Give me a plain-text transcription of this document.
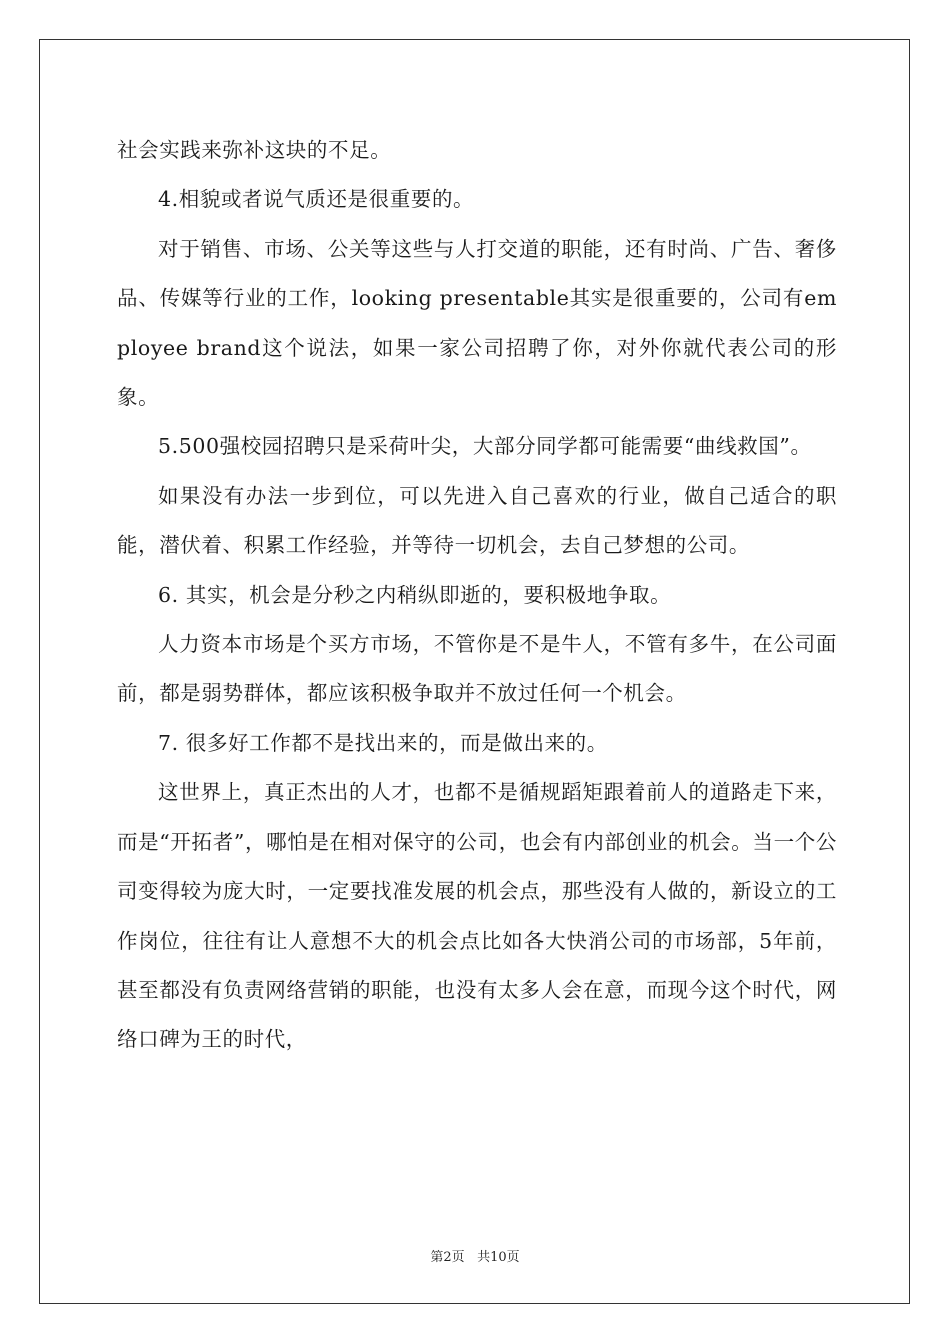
社会实践来弥补这块的不足。

4.相貌或者说气质还是很重要的。

对于销售、市场、公关等这些与人打交道的职能，还有时尚、广告、奢侈品、传媒等行业的工作，looking presentable其实是很重要的，公司有employee brand这个说法，如果一家公司招聘了你，对外你就代表公司的形象。

5.500强校园招聘只是采荷叶尖，大部分同学都可能需要“曲线救国”。

如果没有办法一步到位，可以先进入自己喜欢的行业，做自己适合的职能，潜伏着、积累工作经验，并等待一切机会，去自己梦想的公司。

6. 其实，机会是分秒之内稍纵即逝的，要积极地争取。

人力资本市场是个买方市场，不管你是不是牛人，不管有多牛，在公司面前，都是弱势群体，都应该积极争取并不放过任何一个机会。

7. 很多好工作都不是找出来的，而是做出来的。

这世界上，真正杰出的人才，也都不是循规蹈矩跟着前人的道路走下来，而是“开拓者”，哪怕是在相对保守的公司，也会有内部创业的机会。当一个公司变得较为庞大时，一定要找准发展的机会点，那些没有人做的，新设立的工作岗位，往往有让人意想不大的机会点比如各大快消公司的市场部，5年前，甚至都没有负责网络营销的职能，也没有太多人会在意，而现今这个时代，网络口碑为王的时代，

第2页 共10页
